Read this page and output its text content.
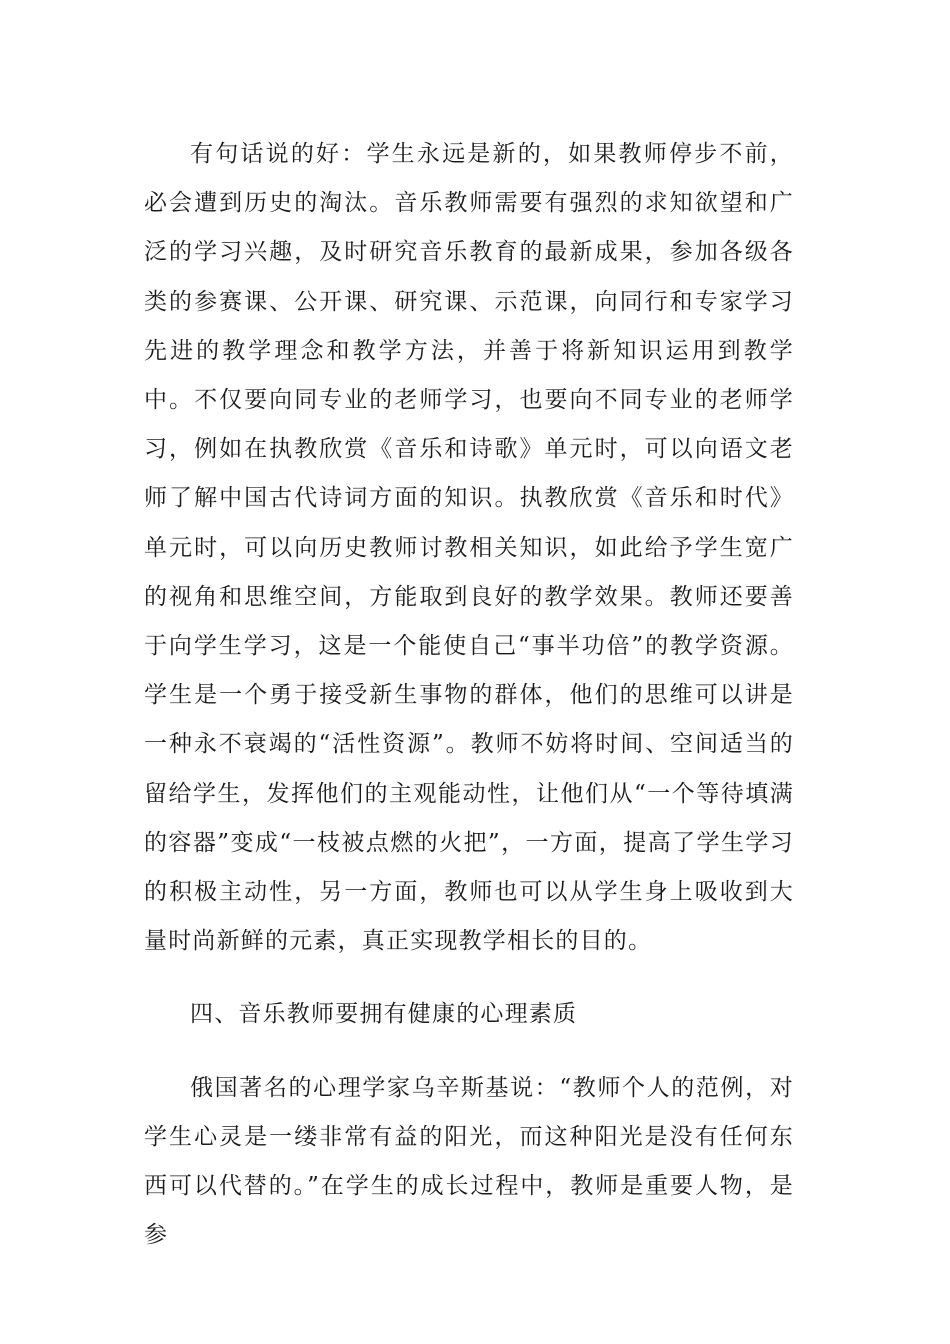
有句话说的好：学生永远是新的，如果教师停步不前，必会遭到历史的淘汰。音乐教师需要有强烈的求知欲望和广泛的学习兴趣，及时研究音乐教育的最新成果，参加各级各类的参赛课、公开课、研究课、示范课，向同行和专家学习先进的教学理念和教学方法，并善于将新知识运用到教学中。不仅要向同专业的老师学习，也要向不同专业的老师学习，例如在执教欣赏《音乐和诗歌》单元时，可以向语文老师了解中国古代诗词方面的知识。执教欣赏《音乐和时代》单元时，可以向历史教师讨教相关知识，如此给予学生宽广的视角和思维空间，方能取到良好的教学效果。教师还要善于向学生学习，这是一个能使自己“事半功倍”的教学资源。学生是一个勇于接受新生事物的群体，他们的思维可以讲是一种永不衰竭的“活性资源”。教师不妨将时间、空间适当的留给学生，发挥他们的主观能动性，让他们从“一个等待填满的容器”变成“一枝被点燃的火把”，一方面，提高了学生学习的积极主动性，另一方面，教师也可以从学生身上吸收到大量时尚新鲜的元素，真正实现教学相长的目的。

四、音乐教师要拥有健康的心理素质

俄国著名的心理学家乌辛斯基说：“教师个人的范例，对学生心灵是一缕非常有益的阳光，而这种阳光是没有任何东西可以代替的。”在学生的成长过程中，教师是重要人物，是参
